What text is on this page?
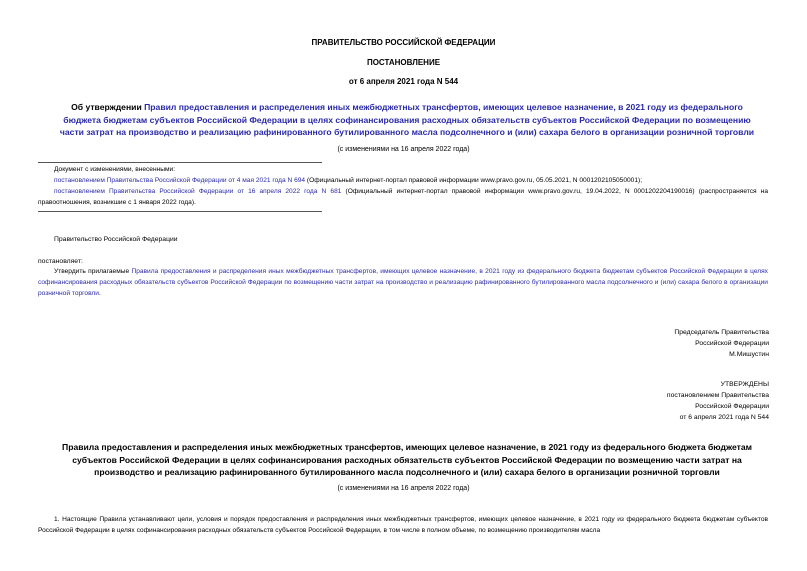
ПРАВИТЕЛЬСТВО РОССИЙСКОЙ ФЕДЕРАЦИИ
ПОСТАНОВЛЕНИЕ
от 6 апреля 2021 года N 544
Об утверждении Правил предоставления и распределения иных межбюджетных трансфертов, имеющих целевое назначение, в 2021 году из федерального бюджета бюджетам субъектов Российской Федерации в целях софинансирования расходных обязательств субъектов Российской Федерации по возмещению части затрат на производство и реализацию рафинированного бутилированного масла подсолнечного и (или) сахара белого в организации розничной торговли
(с изменениями на 16 апреля 2022 года)
Документ с изменениями, внесенными:
постановлением Правительства Российской Федерации от 4 мая 2021 года N 694 (Официальный интернет-портал правовой информации www.pravo.gov.ru, 05.05.2021, N 0001202105050001);
постановлением Правительства Российской Федерации от 16 апреля 2022 года N 681 (Официальный интернет-портал правовой информации www.pravo.gov.ru, 19.04.2022, N 0001202204190016) (распространяется на правоотношения, возникшие с 1 января 2022 года).
Правительство Российской Федерации
постановляет:
Утвердить прилагаемые Правила предоставления и распределения иных межбюджетных трансфертов, имеющих целевое назначение, в 2021 году из федерального бюджета бюджетам субъектов Российской Федерации в целях софинансирования расходных обязательств субъектов Российской Федерации по возмещению части затрат на производство и реализацию рафинированного бутилированного масла подсолнечного и (или) сахара белого в организации розничной торговли.
Председатель Правительства
Российской Федерации
М.Мишустин
УТВЕРЖДЕНЫ
постановлением Правительства
Российской Федерации
от 6 апреля 2021 года N 544
Правила предоставления и распределения иных межбюджетных трансфертов, имеющих целевое назначение, в 2021 году из федерального бюджета бюджетам субъектов Российской Федерации в целях софинансирования расходных обязательств субъектов Российской Федерации по возмещению части затрат на производство и реализацию рафинированного бутилированного масла подсолнечного и (или) сахара белого в организации розничной торговли
(с изменениями на 16 апреля 2022 года)
1. Настоящие Правила устанавливают цели, условия и порядок предоставления и распределения иных межбюджетных трансфертов, имеющих целевое назначение, в 2021 году из федерального бюджета бюджетам субъектов Российской Федерации в целях софинансирования расходных обязательств субъектов Российской Федерации, в том числе в полном объеме, по возмещению производителям масла
